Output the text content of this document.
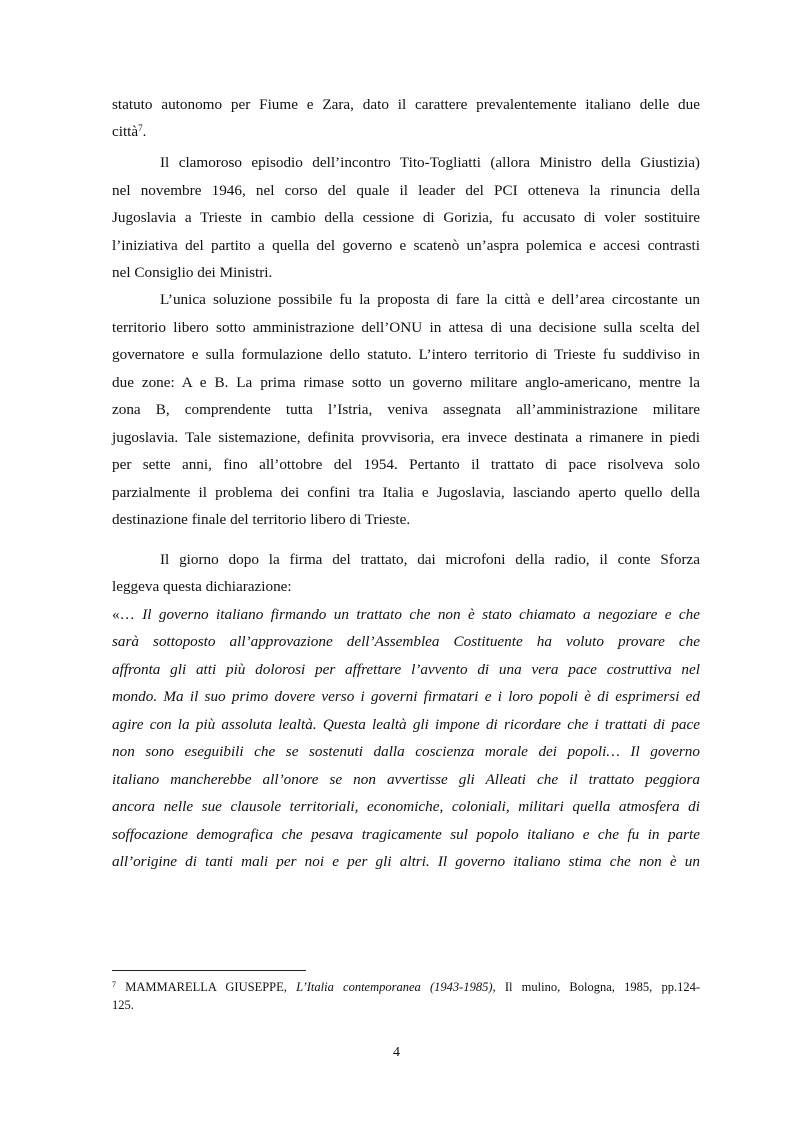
statuto autonomo per Fiume e Zara, dato il carattere prevalentemente italiano delle due
città$^7$.
Il clamoroso episodio dell’incontro Tito-Togliatti (allora Ministro della Giustizia)
nel novembre 1946, nel corso del quale il leader del PCI otteneva la rinuncia della
Jugoslavia a Trieste in cambio della cessione di Gorizia, fu accusato di voler sostituire
l’iniziativa del partito a quella del governo e scatenò un’aspra polemica e accesi contrasti
nel Consiglio dei Ministri.
L’unica soluzione possibile fu la proposta di fare la città e dell’area circostante un
territorio libero sotto amministrazione dell’ONU in attesa di una decisione sulla scelta del
governatore e sulla formulazione dello statuto. L’intero territorio di Trieste fu suddiviso in
due zone: A e B. La prima rimase sotto un governo militare anglo-americano, mentre la
zona B, comprendente tutta l’Istria, veniva assegnata all’amministrazione militare
jugoslavia. Tale sistemazione, definita provvisoria, era invece destinata a rimanere in piedi
per sette anni, fino all’ottobre del 1954. Pertanto il trattato di pace risolveva solo
parzialmente il problema dei confini tra Italia e Jugoslavia, lasciando aperto quello della
destinazione finale del territorio libero di Trieste.
Il giorno dopo la firma del trattato, dai microfoni della radio, il conte Sforza
leggeva questa dichiarazione:
«… Il governo italiano firmando un trattato che non è stato chiamato a negoziare e che
sarà sottoposto all’approvazione dell’Assemblea Costituente ha voluto provare che
affronta gli atti più dolorosi per affrettare l’avvento di una vera pace costruttiva nel
mondo. Ma il suo primo dovere verso i governi firmatari e i loro popoli è di esprimersi ed
agire con la più assoluta lealtà. Questa lealtà gli impone di ricordare che i trattati di pace
non sono eseguibili che se sostenuti dalla coscienza morale dei popoli… Il governo
italiano mancherebbe all’onore se non avvertisse gli Alleati che il trattato peggiora
ancora nelle sue clausole territoriali, economiche, coloniali, militari quella atmosfera di
soffocazione demografica che pesava tragicamente sul popolo italiano e che fu in parte
all’origine di tanti mali per noi e per gli altri. Il governo italiano stima che non è un
$^7$ MAMMARELLA GIUSEPPE, L’Italia contemporanea (1943-1985), Il mulino, Bologna, 1985, pp.124-
125.
4
